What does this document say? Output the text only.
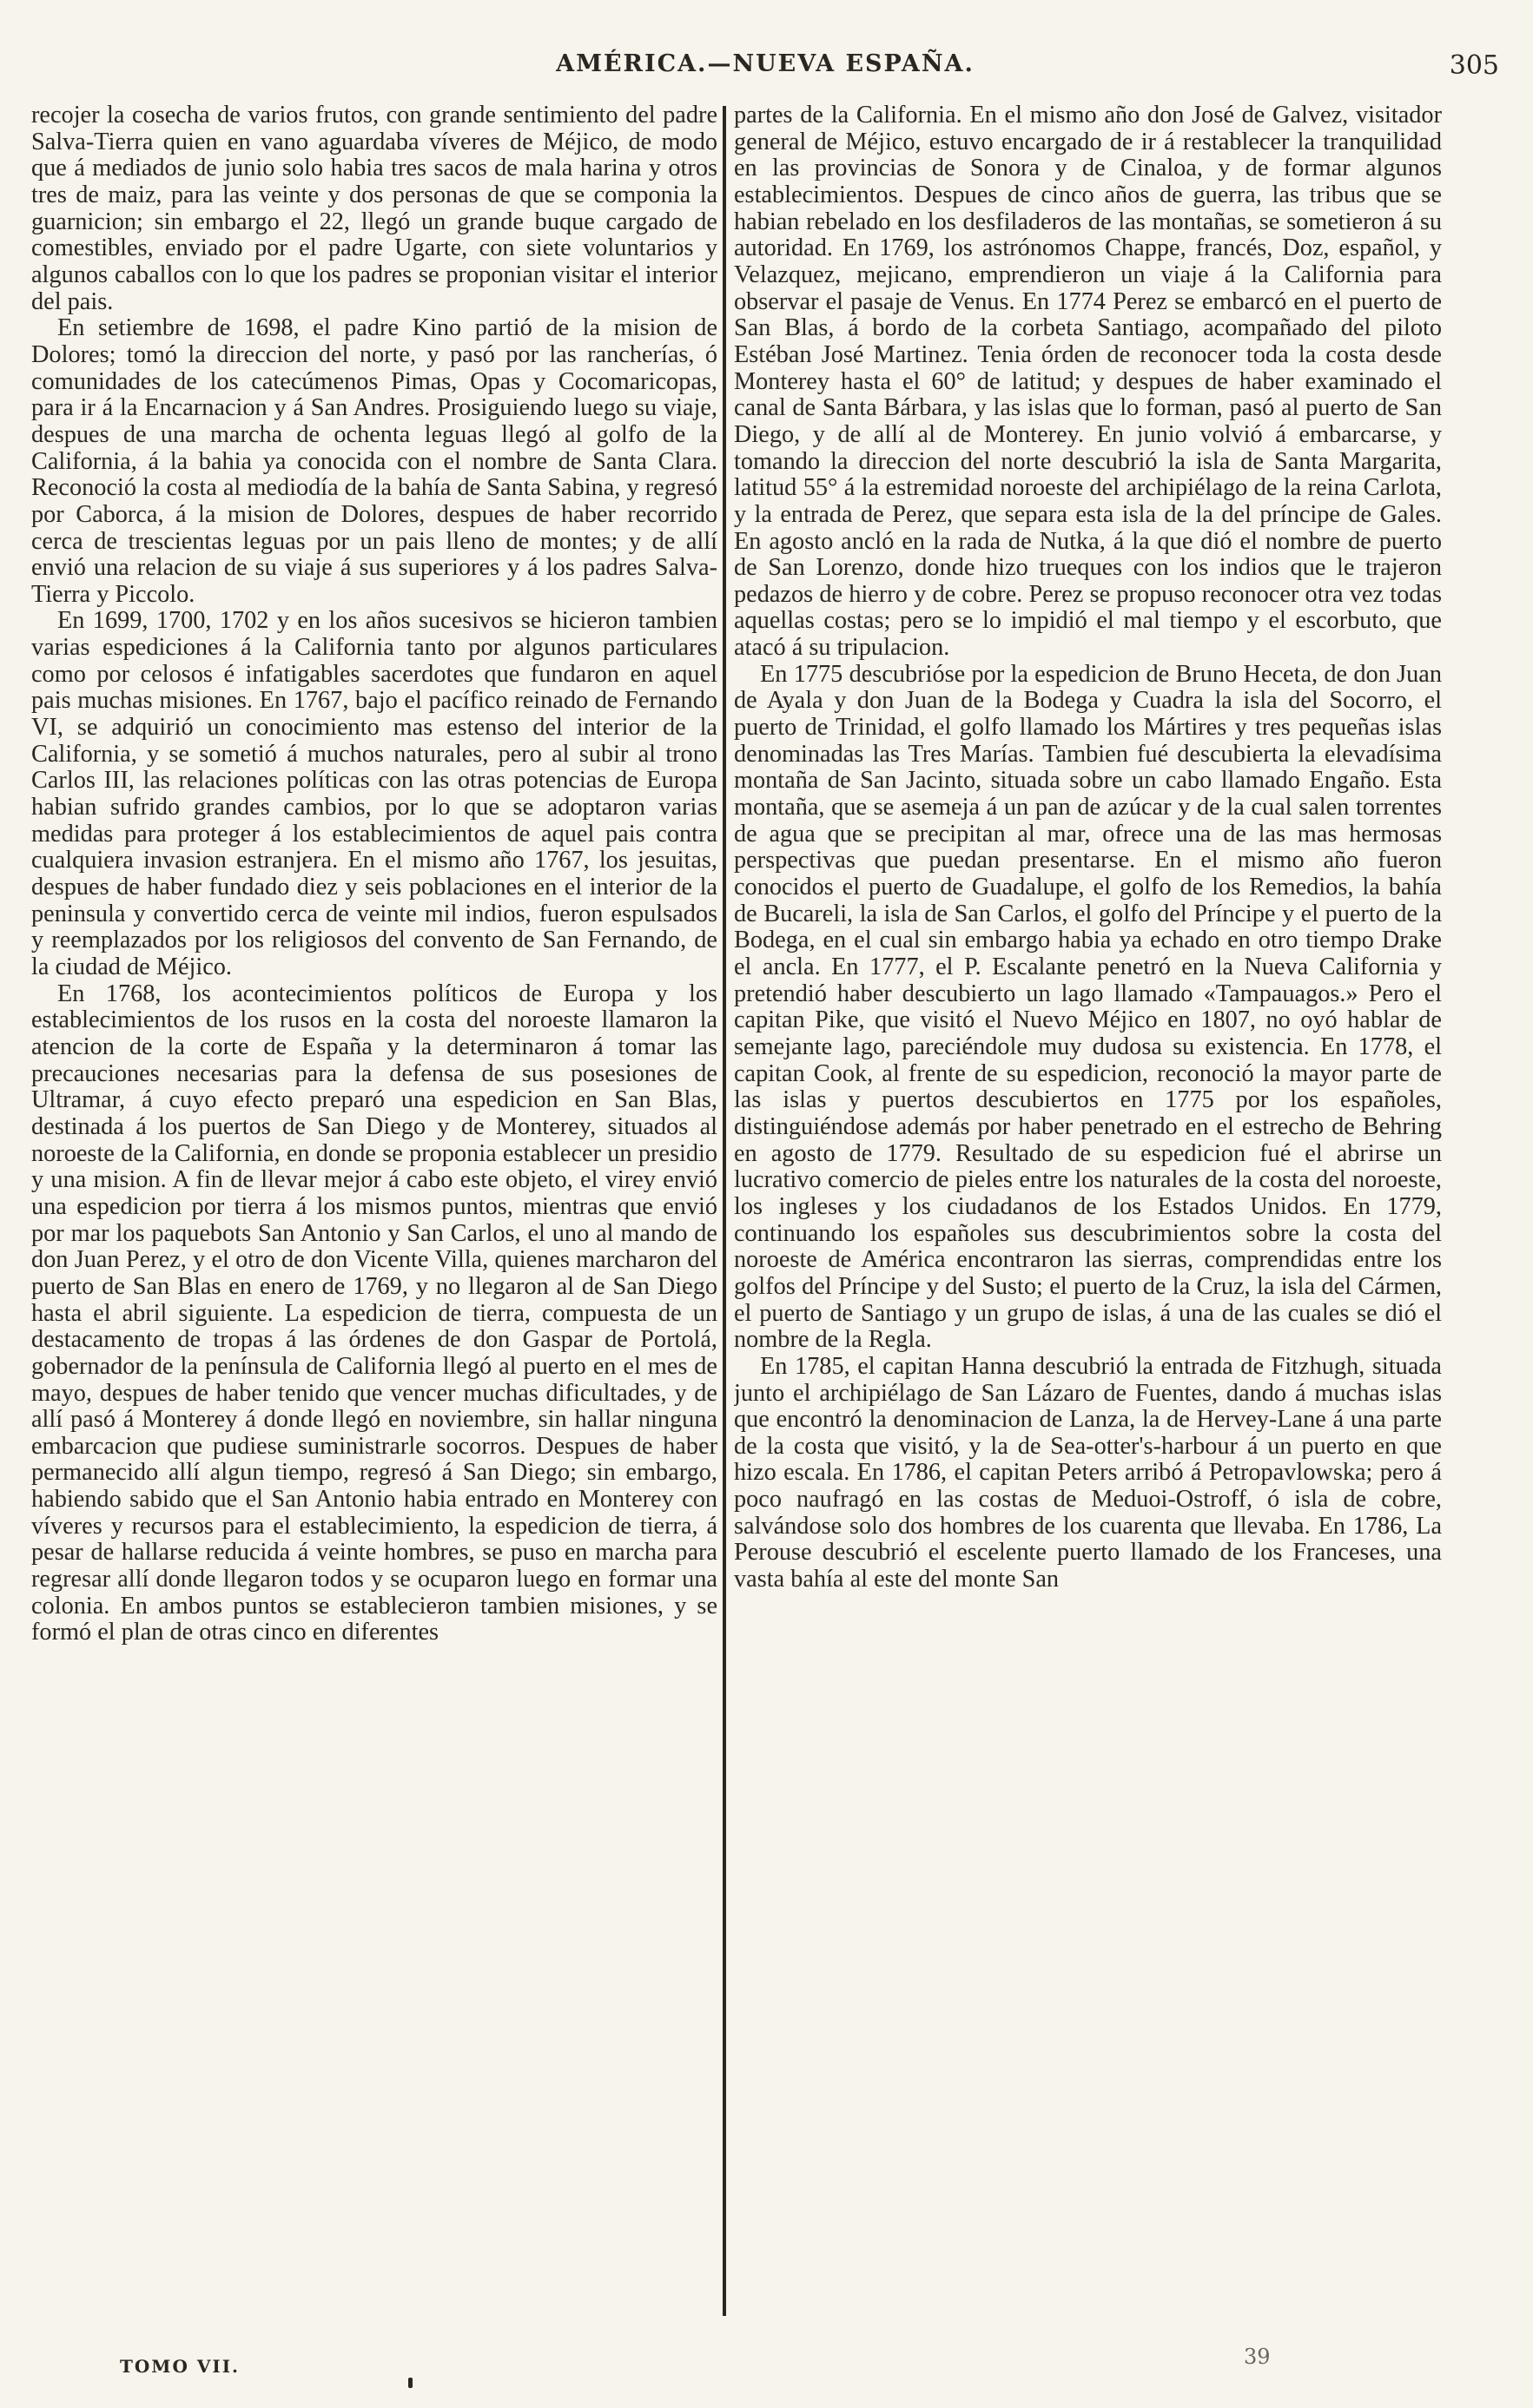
AMÉRICA.—NUEVA ESPAÑA.	305

recojer la cosecha de varios frutos, con grande sentimiento del padre Salva-Tierra quien en vano aguardaba víveres de Méjico, de modo que á mediados de junio solo habia tres sacos de mala harina y otros tres de maiz, para las veinte y dos personas de que se componia la guarnicion; sin embargo el 22, llegó un grande buque cargado de comestibles, enviado por el padre Ugarte, con siete voluntarios y algunos caballos con lo que los padres se proponian visitar el interior del pais.

En setiembre de 1698, el padre Kino partió de la mision de Dolores; tomó la direccion del norte, y pasó por las rancherías, ó comunidades de los catecúmenos Pimas, Opas y Cocomaricopas, para ir á la Encarnacion y á San Andres. Prosiguiendo luego su viaje, despues de una marcha de ochenta leguas llegó al golfo de la California, á la bahia ya conocida con el nombre de Santa Clara. Reconoció la costa al mediodía de la bahía de Santa Sabina, y regresó por Caborca, á la mision de Dolores, despues de haber recorrido cerca de trescientas leguas por un pais lleno de montes; y de allí envió una relacion de su viaje á sus superiores y á los padres Salva-Tierra y Piccolo.

En 1699, 1700, 1702 y en los años sucesivos se hicieron tambien varias espediciones á la California tanto por algunos particulares como por celosos é infatigables sacerdotes que fundaron en aquel pais muchas misiones. En 1767, bajo el pacífico reinado de Fernando VI, se adquirió un conocimiento mas estenso del interior de la California, y se sometió á muchos naturales, pero al subir al trono Carlos III, las relaciones políticas con las otras potencias de Europa habian sufrido grandes cambios, por lo que se adoptaron varias medidas para proteger á los establecimientos de aquel pais contra cualquiera invasion estranjera. En el mismo año 1767, los jesuitas, despues de haber fundado diez y seis poblaciones en el interior de la peninsula y convertido cerca de veinte mil indios, fueron espulsados y reemplazados por los religiosos del convento de San Fernando, de la ciudad de Méjico.

En 1768, los acontecimientos políticos de Europa y los establecimientos de los rusos en la costa del noroeste llamaron la atencion de la corte de España y la determinaron á tomar las precauciones necesarias para la defensa de sus posesiones de Ultramar, á cuyo efecto preparó una espedicion en San Blas, destinada á los puertos de San Diego y de Monterey, situados al noroeste de la California, en donde se proponia establecer un presidio y una mision. A fin de llevar mejor á cabo este objeto, el virey envió una espedicion por tierra á los mismos puntos, mientras que envió por mar los paquebots San Antonio y San Carlos, el uno al mando de don Juan Perez, y el otro de don Vicente Villa, quienes marcharon del puerto de San Blas en enero de 1769, y no llegaron al de San Diego hasta el abril siguiente. La espedicion de tierra, compuesta de un destacamento de tropas á las órdenes de don Gaspar de Portolá, gobernador de la península de California llegó al puerto en el mes de mayo, despues de haber tenido que vencer muchas dificultades, y de allí pasó á Monterey á donde llegó en noviembre, sin hallar ninguna embarcacion que pudiese suministrarle socorros. Despues de haber permanecido allí algun tiempo, regresó á San Diego; sin embargo, habiendo sabido que el San Antonio habia entrado en Monterey con víveres y recursos para el establecimiento, la espedicion de tierra, á pesar de hallarse reducida á veinte hombres, se puso en marcha para regresar allí donde llegaron todos y se ocuparon luego en formar una colonia. En ambos puntos se establecieron tambien misiones, y se formó el plan de otras cinco en diferentes

partes de la California. En el mismo año don José de Galvez, visitador general de Méjico, estuvo encargado de ir á restablecer la tranquilidad en las provincias de Sonora y de Cinaloa, y de formar algunos establecimientos. Despues de cinco años de guerra, las tribus que se habian rebelado en los desfiladeros de las montañas, se sometieron á su autoridad. En 1769, los astrónomos Chappe, francés, Doz, español, y Velazquez, mejicano, emprendieron un viaje á la California para observar el pasaje de Venus. En 1774 Perez se embarcó en el puerto de San Blas, á bordo de la corbeta Santiago, acompañado del piloto Estéban José Martinez. Tenia órden de reconocer toda la costa desde Monterey hasta el 60° de latitud; y despues de haber examinado el canal de Santa Bárbara, y las islas que lo forman, pasó al puerto de San Diego, y de allí al de Monterey. En junio volvió á embarcarse, y tomando la direccion del norte descubrió la isla de Santa Margarita, latitud 55° á la estremidad noroeste del archipiélago de la reina Carlota, y la entrada de Perez, que separa esta isla de la del príncipe de Gales. En agosto ancló en la rada de Nutka, á la que dió el nombre de puerto de San Lorenzo, donde hizo trueques con los indios que le trajeron pedazos de hierro y de cobre. Perez se propuso reconocer otra vez todas aquellas costas; pero se lo impidió el mal tiempo y el escorbuto, que atacó á su tripulacion.

En 1775 descubrióse por la espedicion de Bruno Heceta, de don Juan de Ayala y don Juan de la Bodega y Cuadra la isla del Socorro, el puerto de Trinidad, el golfo llamado los Mártires y tres pequeñas islas denominadas las Tres Marías. Tambien fué descubierta la elevadísima montaña de San Jacinto, situada sobre un cabo llamado Engaño. Esta montaña, que se asemeja á un pan de azúcar y de la cual salen torrentes de agua que se precipitan al mar, ofrece una de las mas hermosas perspectivas que puedan presentarse. En el mismo año fueron conocidos el puerto de Guadalupe, el golfo de los Remedios, la bahía de Bucareli, la isla de San Carlos, el golfo del Príncipe y el puerto de la Bodega, en el cual sin embargo habia ya echado en otro tiempo Drake el ancla. En 1777, el P. Escalante penetró en la Nueva California y pretendió haber descubierto un lago llamado «Tampauagos.» Pero el capitan Pike, que visitó el Nuevo Méjico en 1807, no oyó hablar de semejante lago, pareciéndole muy dudosa su existencia. En 1778, el capitan Cook, al frente de su espedicion, reconoció la mayor parte de las islas y puertos descubiertos en 1775 por los españoles, distinguiéndose además por haber penetrado en el estrecho de Behring en agosto de 1779. Resultado de su espedicion fué el abrirse un lucrativo comercio de pieles entre los naturales de la costa del noroeste, los ingleses y los ciudadanos de los Estados Unidos. En 1779, continuando los españoles sus descubrimientos sobre la costa del noroeste de América encontraron las sierras, comprendidas entre los golfos del Príncipe y del Susto; el puerto de la Cruz, la isla del Cármen, el puerto de Santiago y un grupo de islas, á una de las cuales se dió el nombre de la Regla.

En 1785, el capitan Hanna descubrió la entrada de Fitzhugh, situada junto el archipiélago de San Lázaro de Fuentes, dando á muchas islas que encontró la denominacion de Lanza, la de Hervey-Lane á una parte de la costa que visitó, y la de Sea-otter's-harbour á un puerto en que hizo escala. En 1786, el capitan Peters arribó á Petropavlowska; pero á poco naufragó en las costas de Meduoi-Ostroff, ó isla de cobre, salvándose solo dos hombres de los cuarenta que llevaba. En 1786, La Perouse descubrió el escelente puerto llamado de los Franceses, una vasta bahía al este del monte San

TOMO VII.	39
